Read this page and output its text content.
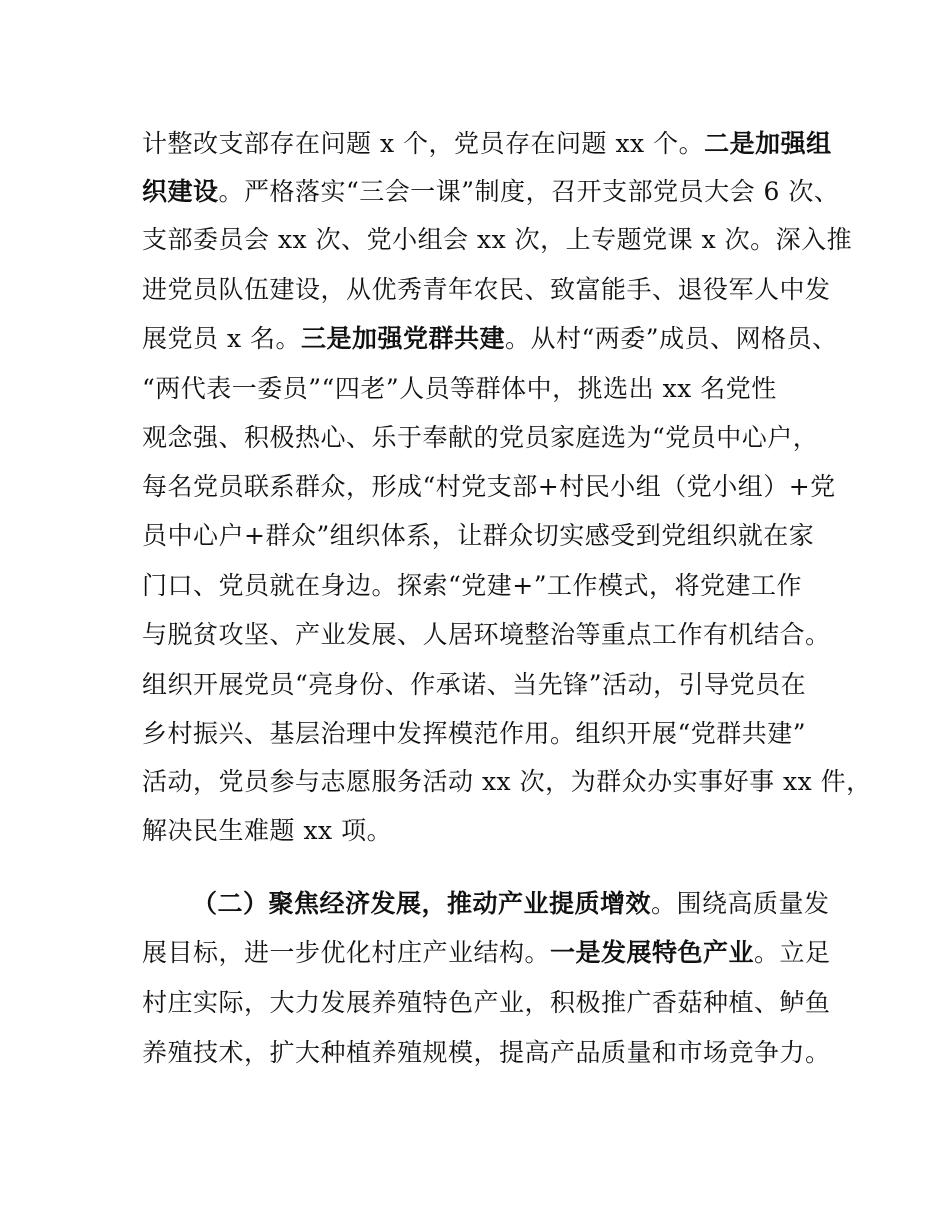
计整改支部存在问题 x 个，党员存在问题 xx 个。二是加强组
织建设。严格落实“三会一课”制度，召开支部党员大会 6 次、
支部委员会 xx 次、党小组会 xx 次，上专题党课 x 次。深入推
进党员队伍建设，从优秀青年农民、致富能手、退役军人中发
展党员 x 名。三是加强党群共建。从村“两委”成员、网格员、
“两代表一委员”“四老”人员等群体中，挑选出 xx 名党性
观念强、积极热心、乐于奉献的党员家庭选为“党员中心户，
每名党员联系群众，形成“村党支部+村民小组（党小组）+党
员中心户+群众”组织体系，让群众切实感受到党组织就在家
门口、党员就在身边。探索“党建+”工作模式，将党建工作
与脱贫攻坚、产业发展、人居环境整治等重点工作有机结合。
组织开展党员“亮身份、作承诺、当先锋”活动，引导党员在
乡村振兴、基层治理中发挥模范作用。组织开展“党群共建”
活动，党员参与志愿服务活动 xx 次，为群众办实事好事 xx 件，
解决民生难题 xx 项。
（二）聚焦经济发展，推动产业提质增效。围绕高质量发
展目标，进一步优化村庄产业结构。一是发展特色产业。立足
村庄实际，大力发展养殖特色产业，积极推广香菇种植、鲈鱼
养殖技术，扩大种植养殖规模，提高产品质量和市场竞争力。
